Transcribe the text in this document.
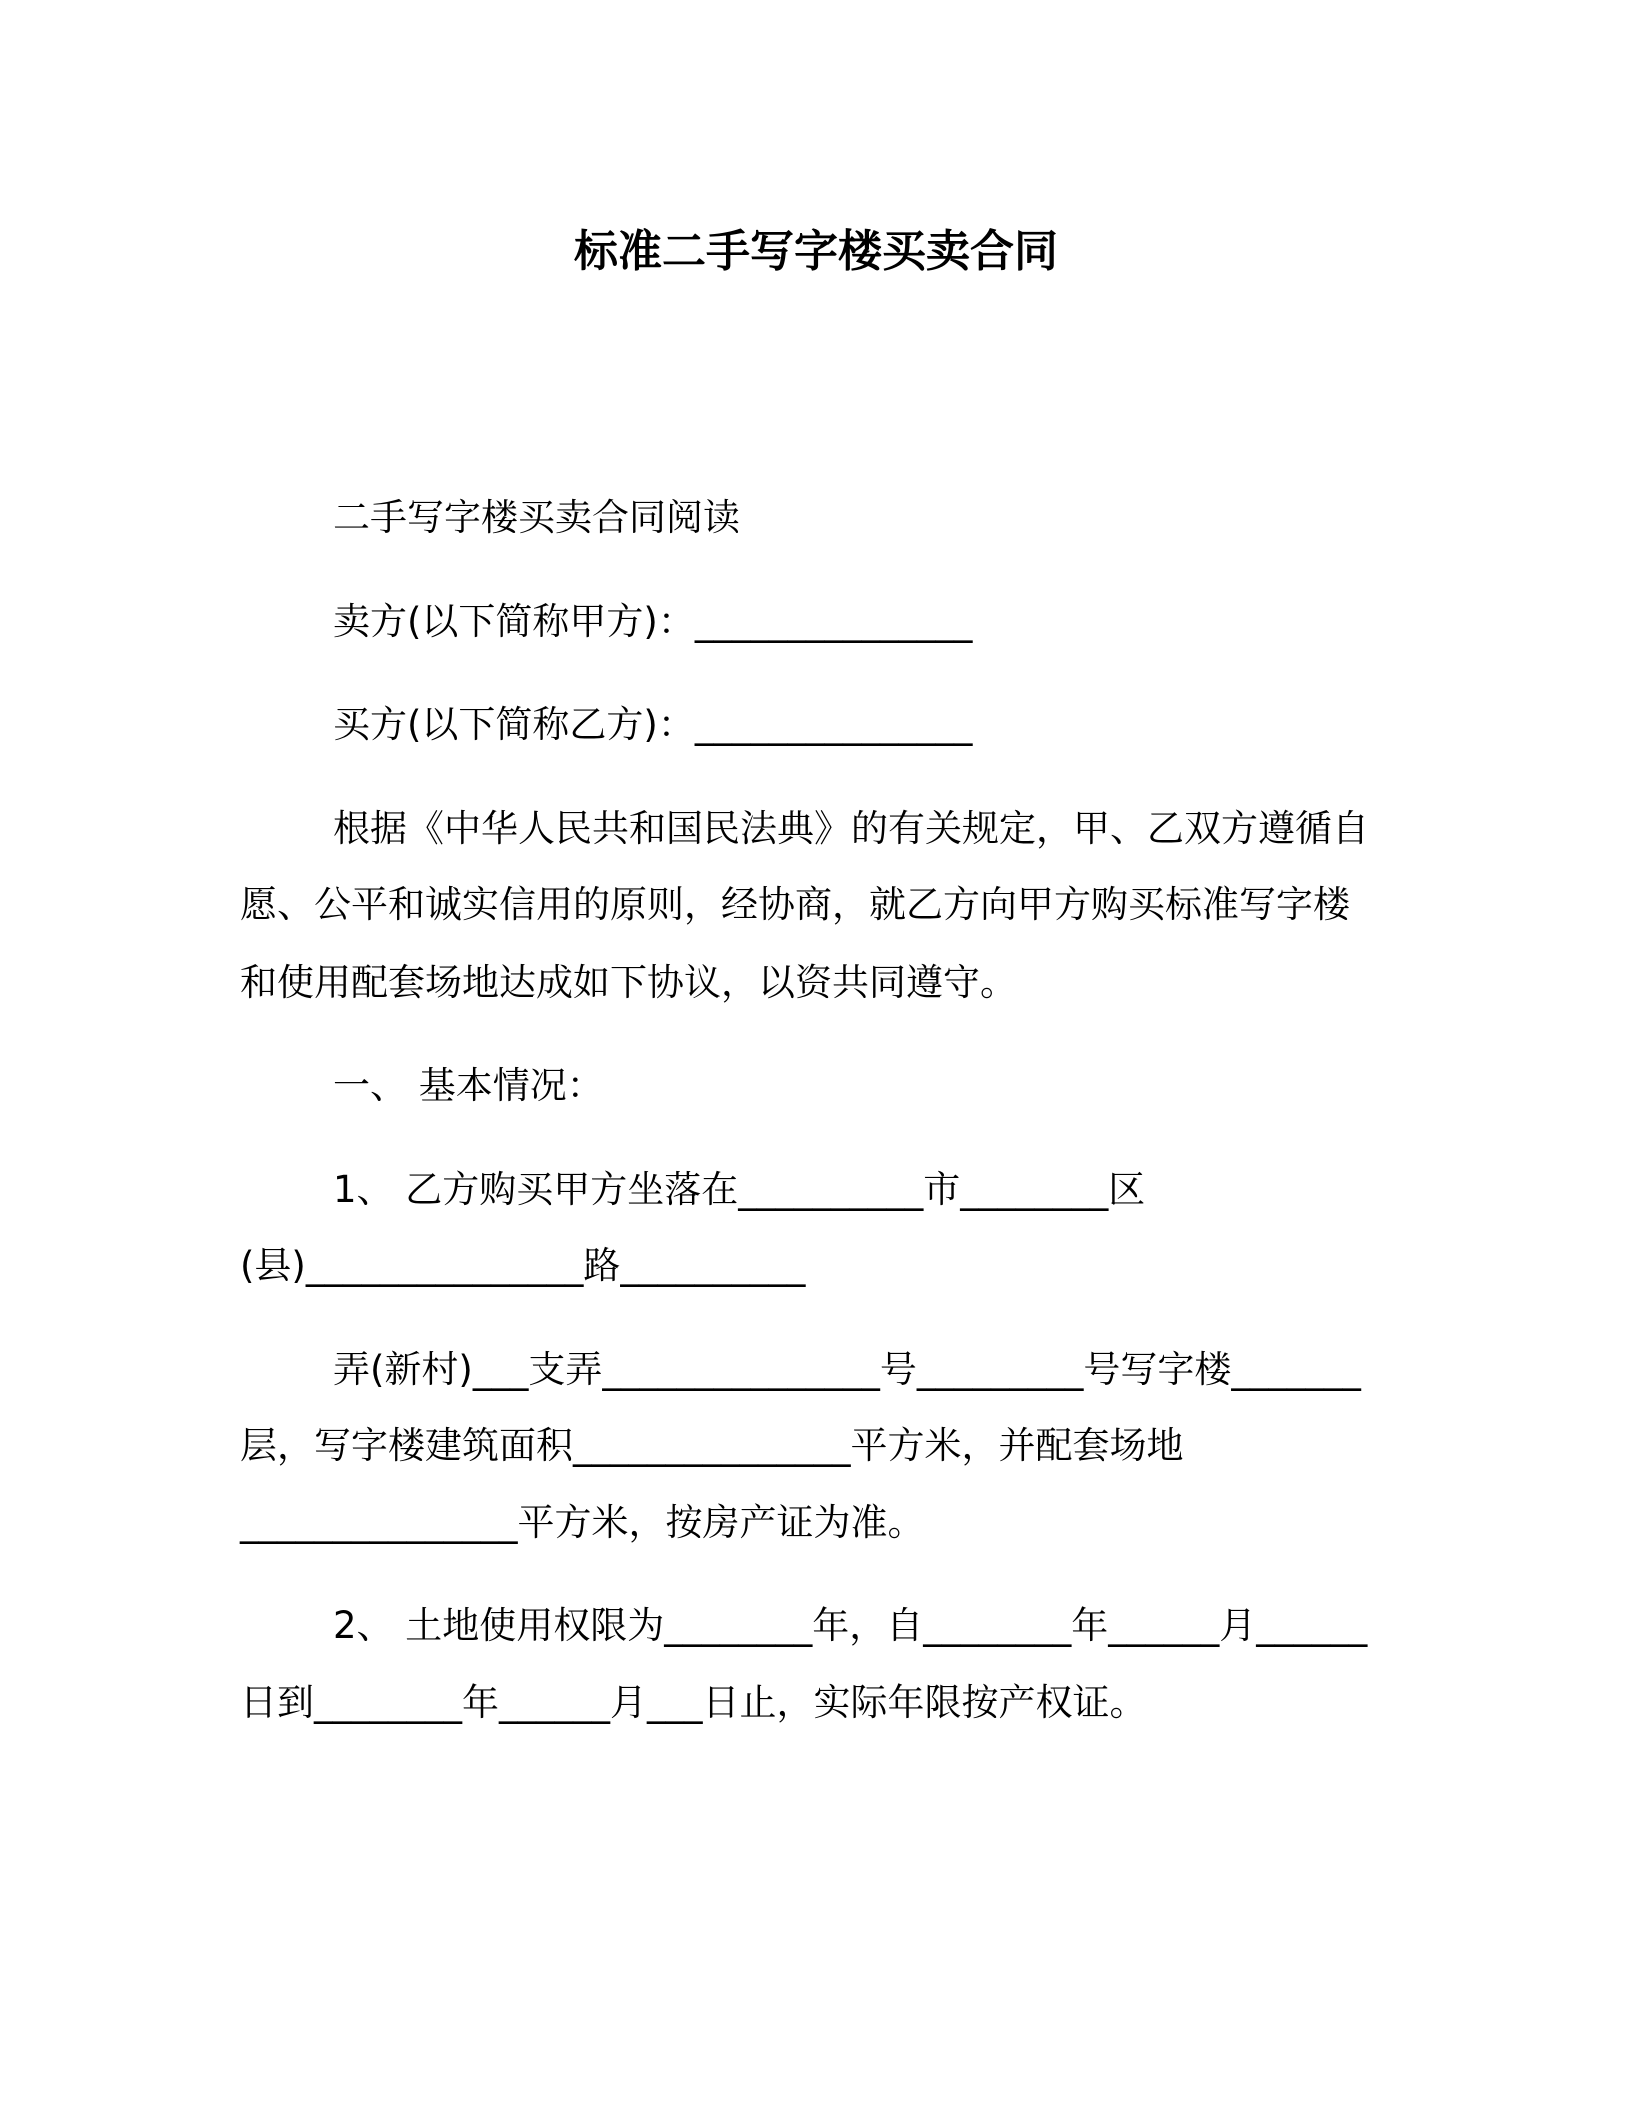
标准二手写字楼买卖合同
二手写字楼买卖合同阅读
卖方(以下简称甲方)：_______________
买方(以下简称乙方)：_______________
根据《中华人民共和国民法典》的有关规定，甲、乙双方遵循自
愿、公平和诚实信用的原则，经协商，就乙方向甲方购买标准写字楼
和使用配套场地达成如下协议，以资共同遵守。
一、 基本情况：
1、 乙方购买甲方坐落在__________市________区
(县)_______________路__________
弄(新村)___支弄_______________号_________号写字楼_______
层，写字楼建筑面积_______________平方米，并配套场地
_______________平方米，按房产证为准。
2、 土地使用权限为________年，自________年______月______
日到________年______月___日止，实际年限按产权证。
